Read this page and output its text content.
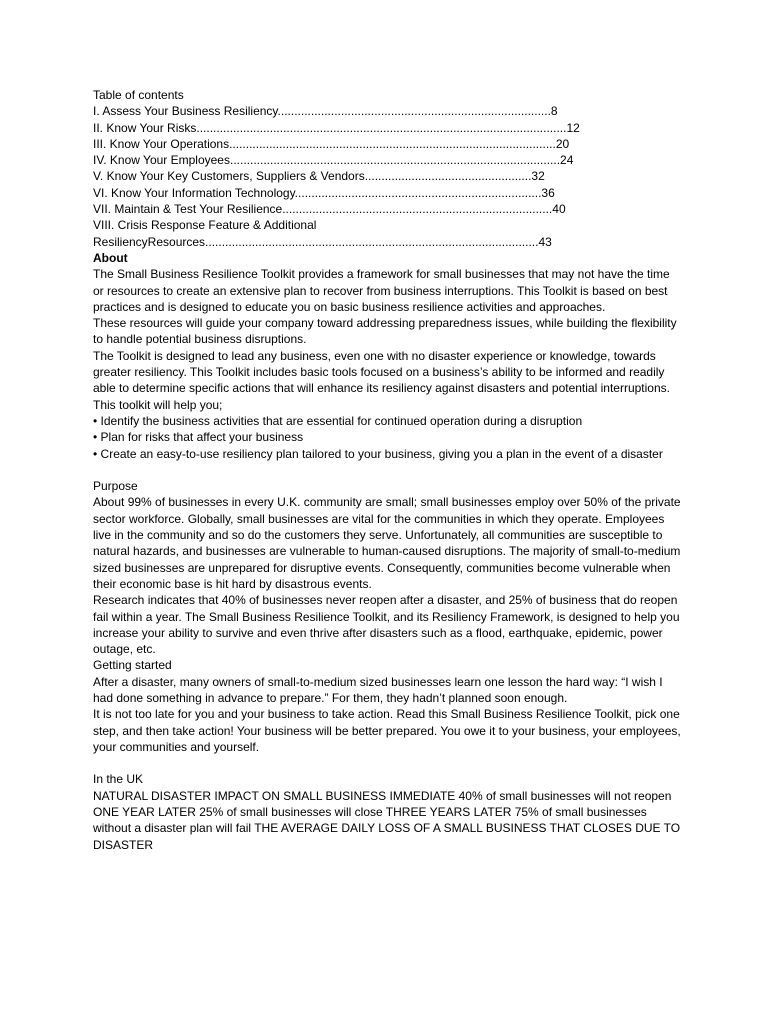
Table of contents
I. Assess Your Business Resiliency..................................................................................8
II. Know Your Risks...............................................................................................................12
III. Know Your Operations..................................................................................................20
IV. Know Your Employees...................................................................................................24
V. Know Your Key Customers, Suppliers & Vendors..................................................32
VI. Know Your Information Technology..........................................................................36
VII. Maintain & Test Your Resilience.................................................................................40
VIII. Crisis Response Feature & Additional
ResiliencyResources....................................................................................................43
About
The Small Business Resilience Toolkit provides a framework for small businesses that may not have the time or resources to create an extensive plan to recover from business interruptions. This Toolkit is based on best practices and is designed to educate you on basic business resilience activities and approaches.
These resources will guide your company toward addressing preparedness issues, while building the flexibility to handle potential business disruptions.
The Toolkit is designed to lead any business, even one with no disaster experience or knowledge, towards greater resiliency. This Toolkit includes basic tools focused on a business’s ability to be informed and readily able to determine specific actions that will enhance its resiliency against disasters and potential interruptions.
This toolkit will help you;
• Identify the business activities that are essential for continued operation during a disruption
• Plan for risks that affect your business
• Create an easy-to-use resiliency plan tailored to your business, giving you a plan in the event of a disaster
Purpose
About 99% of businesses in every U.K. community are small; small businesses employ over 50% of the private sector workforce. Globally, small businesses are vital for the communities in which they operate. Employees live in the community and so do the customers they serve. Unfortunately, all communities are susceptible to natural hazards, and businesses are vulnerable to human-caused disruptions. The majority of small-to-medium sized businesses are unprepared for disruptive events. Consequently, communities become vulnerable when their economic base is hit hard by disastrous events.
Research indicates that 40% of businesses never reopen after a disaster, and 25% of business that do reopen fail within a year. The Small Business Resilience Toolkit, and its Resiliency Framework, is designed to help you increase your ability to survive and even thrive after disasters such as a flood, earthquake, epidemic, power outage, etc.
Getting started
After a disaster, many owners of small-to-medium sized businesses learn one lesson the hard way: “I wish I had done something in advance to prepare.” For them, they hadn’t planned soon enough.
It is not too late for you and your business to take action. Read this Small Business Resilience Toolkit, pick one step, and then take action! Your business will be better prepared. You owe it to your business, your employees, your communities and yourself.
In the UK
NATURAL DISASTER IMPACT ON SMALL BUSINESS IMMEDIATE 40% of small businesses will not reopen ONE YEAR LATER 25% of small businesses will close THREE YEARS LATER 75% of small businesses without a disaster plan will fail THE AVERAGE DAILY LOSS OF A SMALL BUSINESS THAT CLOSES DUE TO DISASTER
